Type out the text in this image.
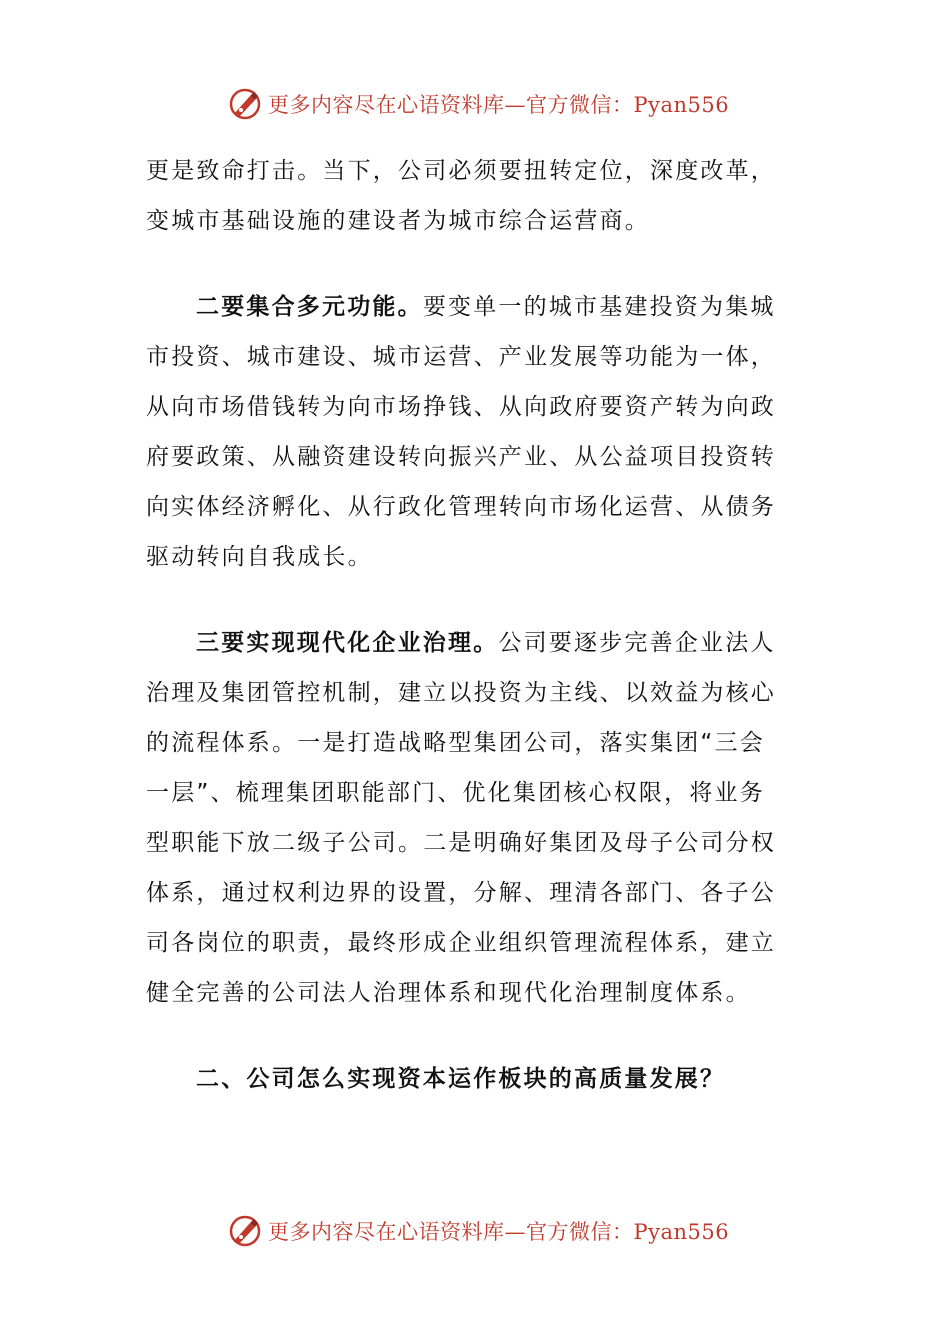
更多内容尽在心语资料库—官方微信：Pyan556

更是致命打击。当下，公司必须要扭转定位，深度改革，变城市基础设施的建设者为城市综合运营商。

二要集合多元功能。要变单一的城市基建投资为集城市投资、城市建设、城市运营、产业发展等功能为一体，从向市场借钱转为向市场挣钱、从向政府要资产转为向政府要政策、从融资建设转向振兴产业、从公益项目投资转向实体经济孵化、从行政化管理转向市场化运营、从债务驱动转向自我成长。

三要实现现代化企业治理。公司要逐步完善企业法人治理及集团管控机制，建立以投资为主线、以效益为核心的流程体系。一是打造战略型集团公司，落实集团“三会一层”、梳理集团职能部门、优化集团核心权限，将业务型职能下放二级子公司。二是明确好集团及母子公司分权体系，通过权利边界的设置，分解、理清各部门、各子公司各岗位的职责，最终形成企业组织管理流程体系，建立健全完善的公司法人治理体系和现代化治理制度体系。

二、公司怎么实现资本运作板块的高质量发展？

更多内容尽在心语资料库—官方微信：Pyan556
